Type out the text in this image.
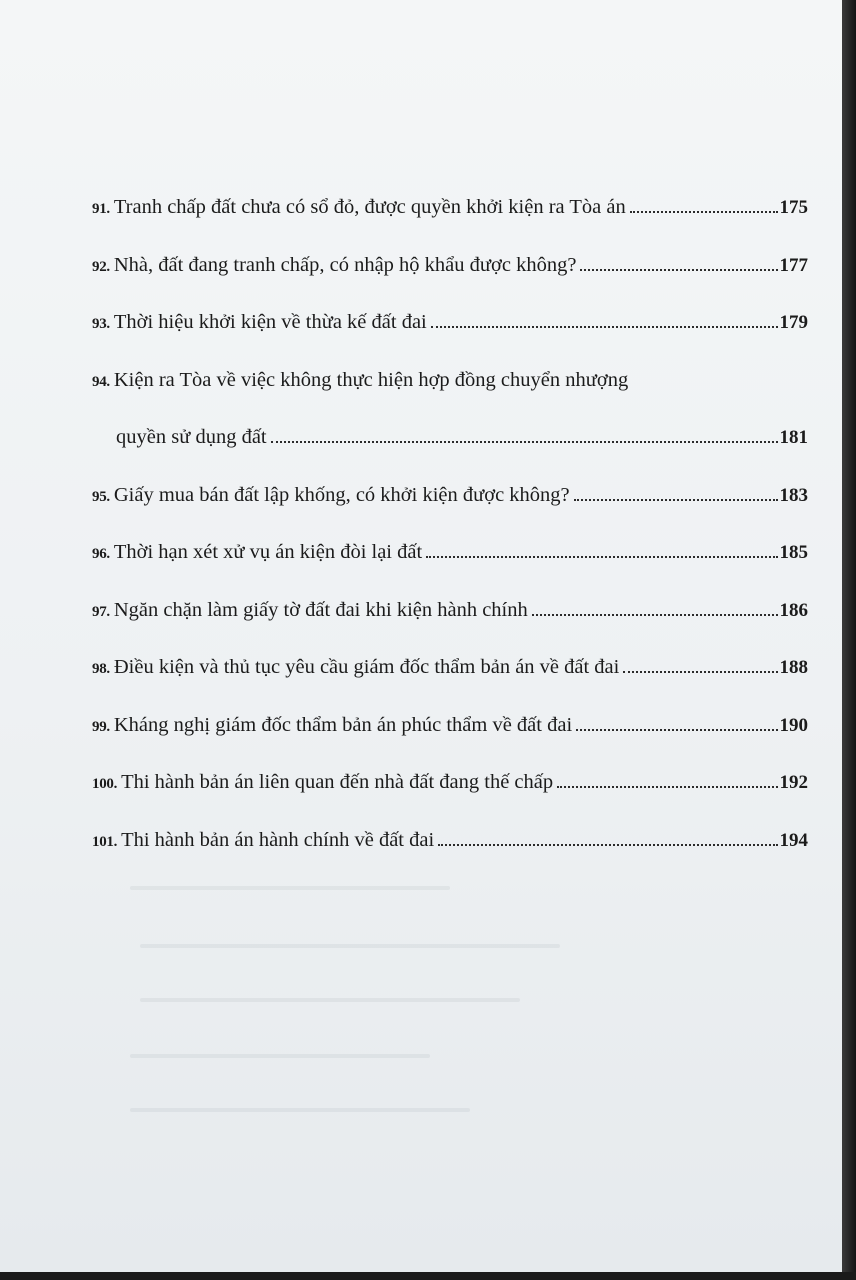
91. Tranh chấp đất chưa có sổ đỏ, được quyền khởi kiện ra Tòa án	175
92. Nhà, đất đang tranh chấp, có nhập hộ khẩu được không?	177
93. Thời hiệu khởi kiện về thừa kế đất đai	179
94. Kiện ra Tòa về việc không thực hiện hợp đồng chuyển nhượng
quyền sử dụng đất	181
95. Giấy mua bán đất lập khống, có khởi kiện được không?	183
96. Thời hạn xét xử vụ án kiện đòi lại đất	185
97. Ngăn chặn làm giấy tờ đất đai khi kiện hành chính	186
98. Điều kiện và thủ tục yêu cầu giám đốc thẩm bản án về đất đai	188
99. Kháng nghị giám đốc thẩm bản án phúc thẩm về đất đai	190
100. Thi hành bản án liên quan đến nhà đất đang thế chấp	192
101. Thi hành bản án hành chính về đất đai	194
